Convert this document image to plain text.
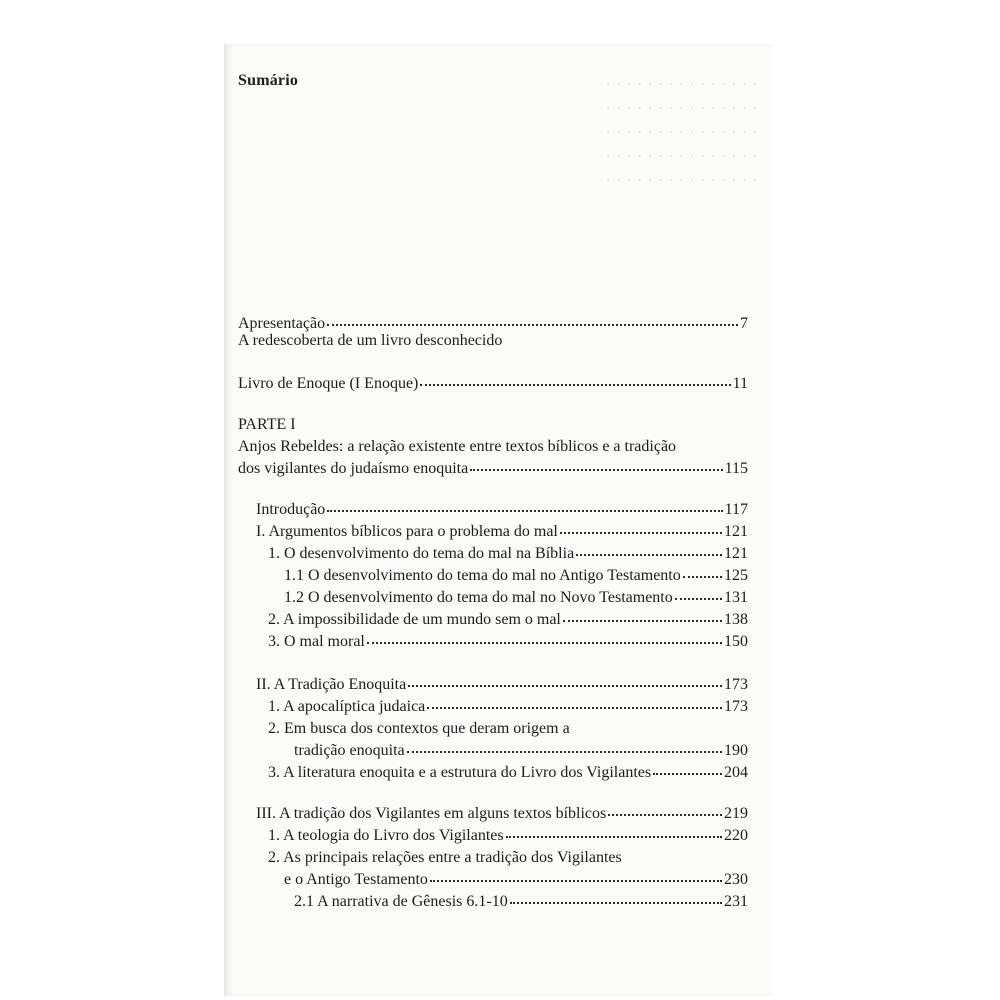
. . . . . . . . . . . . . . .
. . . . . . . . . . . . . . .
. . . . . . . . . . . . . . .
. . . . . . . . . . . . . . .
. . . . . . . . . . . . . . .
Sumário
Apresentação	7
A redescoberta de um livro desconhecido
Livro de Enoque (I Enoque)	11
PARTE I
Anjos Rebeldes: a relação existente entre textos bíblicos e a tradição
dos vigilantes do judaísmo enoquita	115
Introdução	117
I. Argumentos bíblicos para o problema do mal	121
1. O desenvolvimento do tema do mal na Bíblia	121
1.1 O desenvolvimento do tema do mal no Antigo Testamento	125
1.2 O desenvolvimento do tema do mal no Novo Testamento	131
2. A impossibilidade de um mundo sem o mal	138
3. O mal moral	150
II. A Tradição Enoquita	173
1. A apocalíptica judaica	173
2. Em busca dos contextos que deram origem a
tradição enoquita	190
3. A literatura enoquita e a estrutura do Livro dos Vigilantes	204
III. A tradição dos Vigilantes em alguns textos bíblicos	219
1. A teologia do Livro dos Vigilantes	220
2. As principais relações entre a tradição dos Vigilantes
e o Antigo Testamento	230
2.1 A narrativa de Gênesis 6.1-10	231
